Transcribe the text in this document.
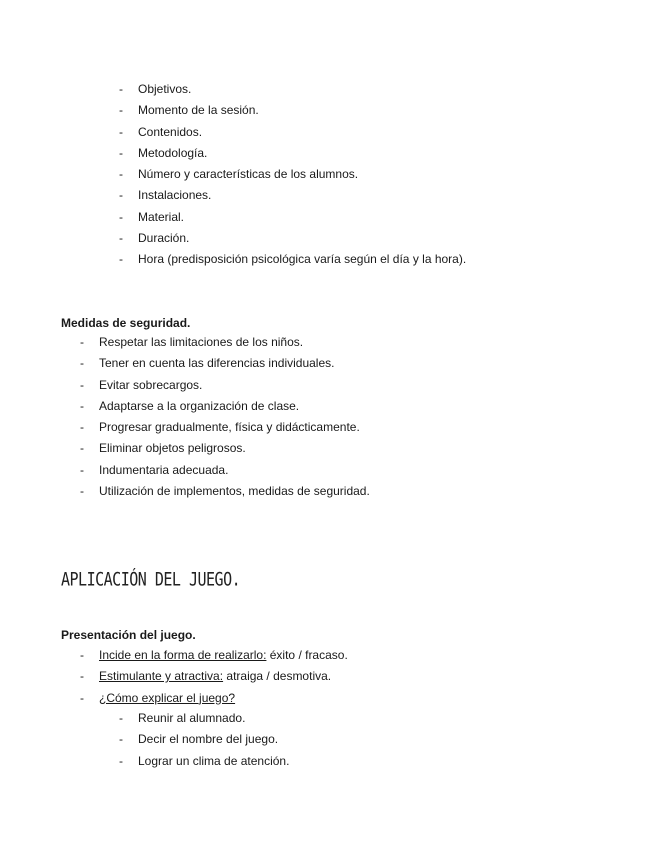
- Objetivos.
- Momento de la sesión.
- Contenidos.
- Metodología.
- Número y características de los alumnos.
- Instalaciones.
- Material.
- Duración.
- Hora (predisposición psicológica varía según el día y la hora).
Medidas de seguridad.
- Respetar las limitaciones de los niños.
- Tener en cuenta las diferencias individuales.
- Evitar sobrecargos.
- Adaptarse a la organización de clase.
- Progresar gradualmente, física y didácticamente.
- Eliminar objetos peligrosos.
- Indumentaria adecuada.
- Utilización de implementos, medidas de seguridad.
APLICACIÓN DEL JUEGO.
Presentación del juego.
- Incide en la forma de realizarlo: éxito / fracaso.
- Estimulante y atractiva: atraiga / desmotiva.
- ¿Cómo explicar el juego?
- Reunir al alumnado.
- Decir el nombre del juego.
- Lograr un clima de atención.
